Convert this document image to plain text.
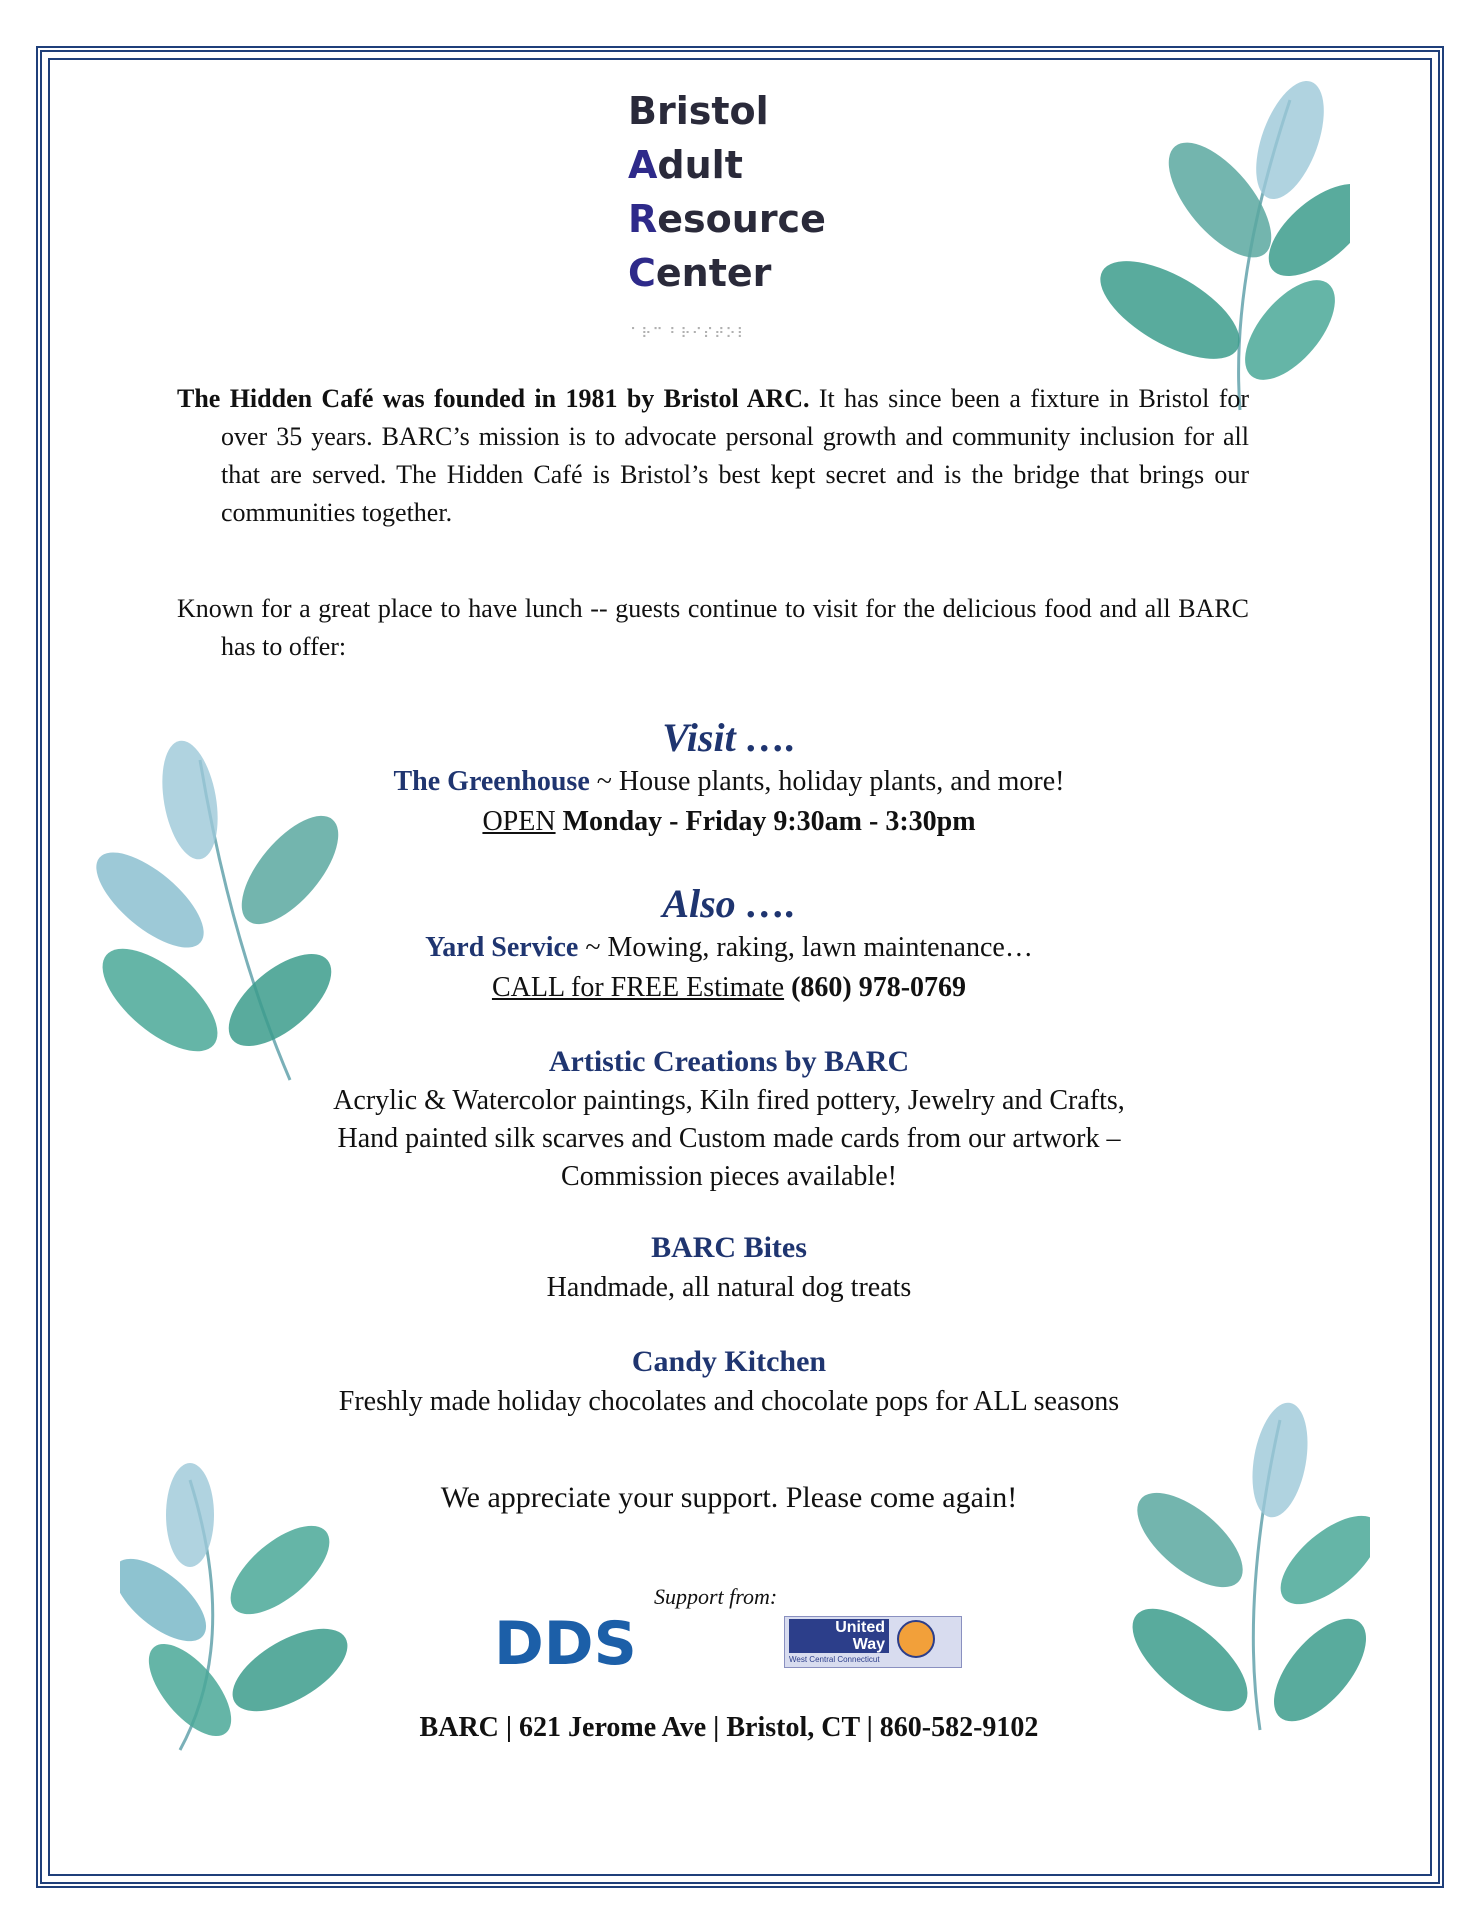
Bristol
Adult
Resource
Center
⠁⠗⠉ ⠃⠗⠊⠎⠞⠕⠇
The Hidden Café was founded in 1981 by Bristol ARC. It has since been a fixture in Bristol for over 35 years. BARC’s mission is to advocate personal growth and community inclusion for all that are served. The Hidden Café is Bristol’s best kept secret and is the bridge that brings our communities together.
Known for a great place to have lunch -- guests continue to visit for the delicious food and all BARC has to offer:
Visit ….
The Greenhouse ~ House plants, holiday plants, and more!
OPEN Monday - Friday 9:30am - 3:30pm
Also ….
Yard Service ~ Mowing, raking, lawn maintenance…
CALL for FREE Estimate (860) 978-0769
Artistic Creations by BARC
Acrylic & Watercolor paintings, Kiln fired pottery, Jewelry and Crafts,
Hand painted silk scarves and Custom made cards from our artwork –
Commission pieces available!
BARC Bites
Handmade, all natural dog treats
Candy Kitchen
Freshly made holiday chocolates and chocolate pops for ALL seasons
We appreciate your support. Please come again!
Support from:
DDS	United
Way
West Central Connecticut
BARC | 621 Jerome Ave | Bristol, CT | 860-582-9102
